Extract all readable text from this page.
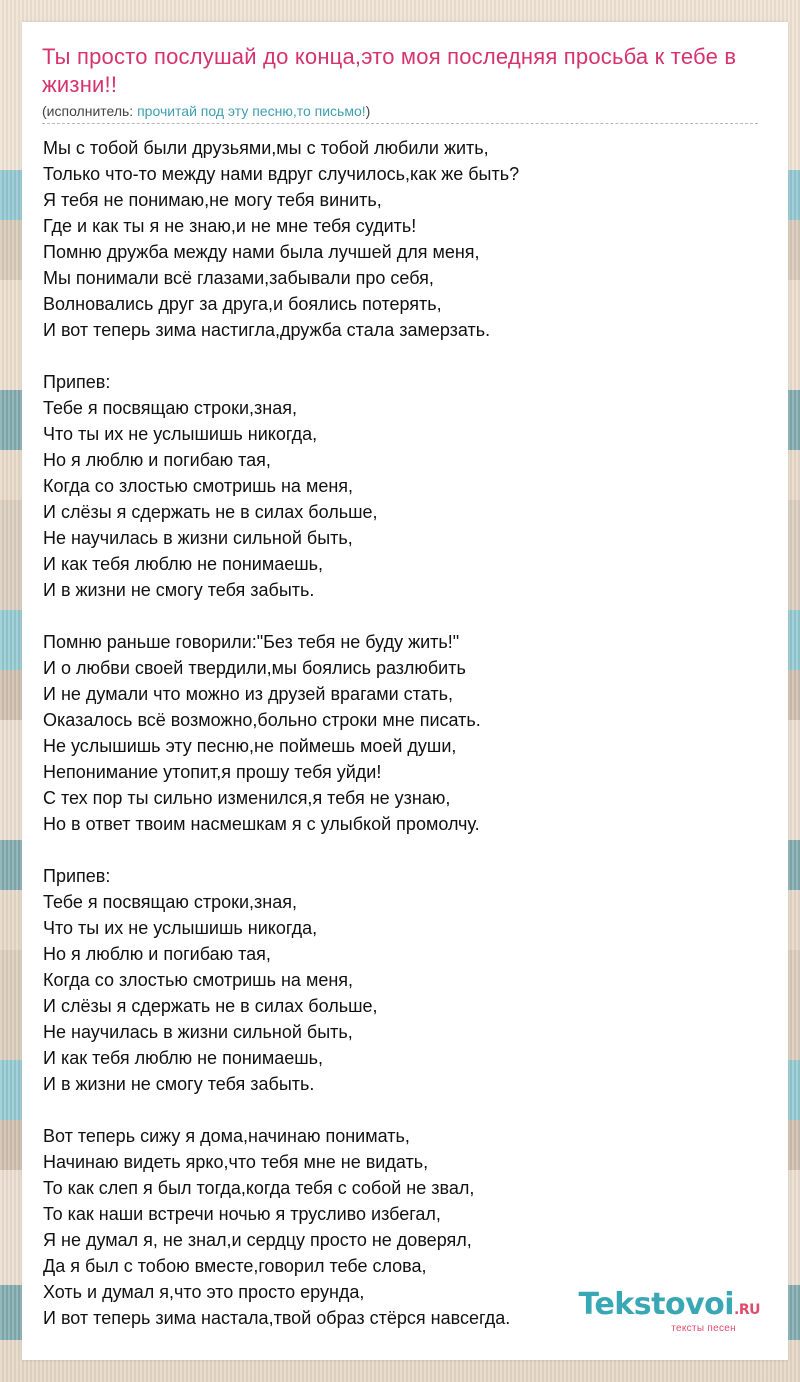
Ты просто послушай до конца,это моя последняя просьба к тебе в жизни!!
(исполнитель: прочитай под эту песню,то письмо!)
Мы с тобой были друзьями,мы с тобой любили жить,
Только что-то между нами вдруг случилось,как же быть?
Я тебя не понимаю,не могу тебя винить,
Где и как ты я не знаю,и не мне тебя судить!
Помню дружба между нами была лучшей для меня,
Мы понимали всё глазами,забывали про себя,
Волновались друг за друга,и боялись потерять,
И вот теперь зима настигла,дружба стала замерзать.
Припев:
Тебе я посвящаю строки,зная,
Что ты их не услышишь никогда,
Но я люблю и погибаю тая,
Когда со злостью смотришь на меня,
И слёзы я сдержать не в силах больше,
Не научилась в жизни сильной быть,
И как тебя люблю не понимаешь,
И в жизни не смогу тебя забыть.
Помню раньше говорили:"Без тебя не буду жить!"
И о любви своей твердили,мы боялись разлюбить
И не думали что можно из друзей врагами стать,
Оказалось всё возможно,больно строки мне писать.
Не услышишь эту песню,не поймешь моей души,
Непонимание утопит,я прошу тебя уйди!
С тех пор ты сильно изменился,я тебя не узнаю,
Но в ответ твоим насмешкам я с улыбкой промолчу.
Припев:
Тебе я посвящаю строки,зная,
Что ты их не услышишь никогда,
Но я люблю и погибаю тая,
Когда со злостью смотришь на меня,
И слёзы я сдержать не в силах больше,
Не научилась в жизни сильной быть,
И как тебя люблю не понимаешь,
И в жизни не смогу тебя забыть.
Вот теперь сижу я дома,начинаю понимать,
Начинаю видеть ярко,что тебя мне не видать,
То как слеп я был тогда,когда тебя с собой не звал,
То как наши встречи ночью я трусливо избегал,
Я не думал я, не знал,и сердцу просто не доверял,
Да я был с тобою вместе,говорил тебе слова,
Хоть и думал я,что это просто ерунда,
И вот теперь зима настала,твой образ стёрся навсегда.	Tekstovoi.RU
тексты песен
